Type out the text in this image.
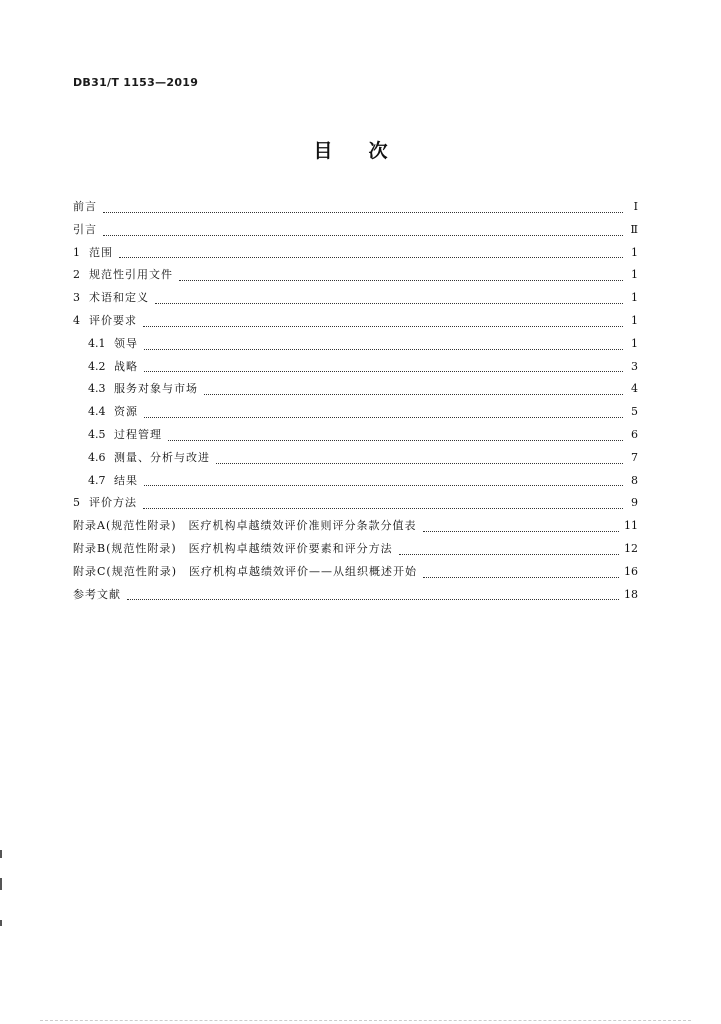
DB31/T 1153—2019
目次
前言	Ⅰ
引言	Ⅱ
1 范围	1
2 规范性引用文件	1
3 术语和定义	1
4 评价要求	1
4.1 领导	1
4.2 战略	3
4.3 服务对象与市场	4
4.4 资源	5
4.5 过程管理	6
4.6 测量、分析与改进	7
4.7 结果	8
5 评价方法	9
附录A(规范性附录)　医疗机构卓越绩效评价准则评分条款分值表	11
附录B(规范性附录)　医疗机构卓越绩效评价要素和评分方法	12
附录C(规范性附录)　医疗机构卓越绩效评价——从组织概述开始	16
参考文献	18
